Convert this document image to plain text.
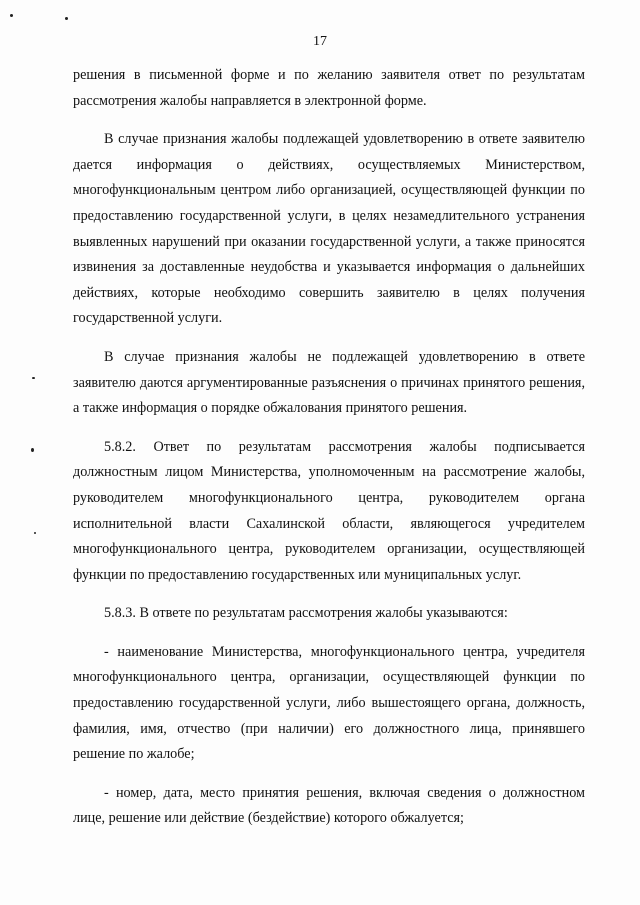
17

решения в письменной форме и по желанию заявителя ответ по результатам рассмотрения жалобы направляется в электронной форме.

В случае признания жалобы подлежащей удовлетворению в ответе заявителю дается информация о действиях, осуществляемых Министерством, многофункциональным центром либо организацией, осуществляющей функции по предоставлению государственной услуги, в целях незамедлительного устранения выявленных нарушений при оказании государственной услуги, а также приносятся извинения за доставленные неудобства и указывается информация о дальнейших действиях, которые необходимо совершить заявителю в целях получения государственной услуги.

В случае признания жалобы не подлежащей удовлетворению в ответе заявителю даются аргументированные разъяснения о причинах принятого решения, а также информация о порядке обжалования принятого решения.

5.8.2. Ответ по результатам рассмотрения жалобы подписывается должностным лицом Министерства, уполномоченным на рассмотрение жалобы, руководителем многофункционального центра, руководителем органа исполнительной власти Сахалинской области, являющегося учредителем многофункционального центра, руководителем организации, осуществляющей функции по предоставлению государственных или муниципальных услуг.

5.8.3. В ответе по результатам рассмотрения жалобы указываются:

- наименование Министерства, многофункционального центра, учредителя многофункционального центра, организации, осуществляющей функции по предоставлению государственной услуги, либо вышестоящего органа, должность, фамилия, имя, отчество (при наличии) его должностного лица, принявшего решение по жалобе;

- номер, дата, место принятия решения, включая сведения о должностном лице, решение или действие (бездействие) которого обжалуется;
